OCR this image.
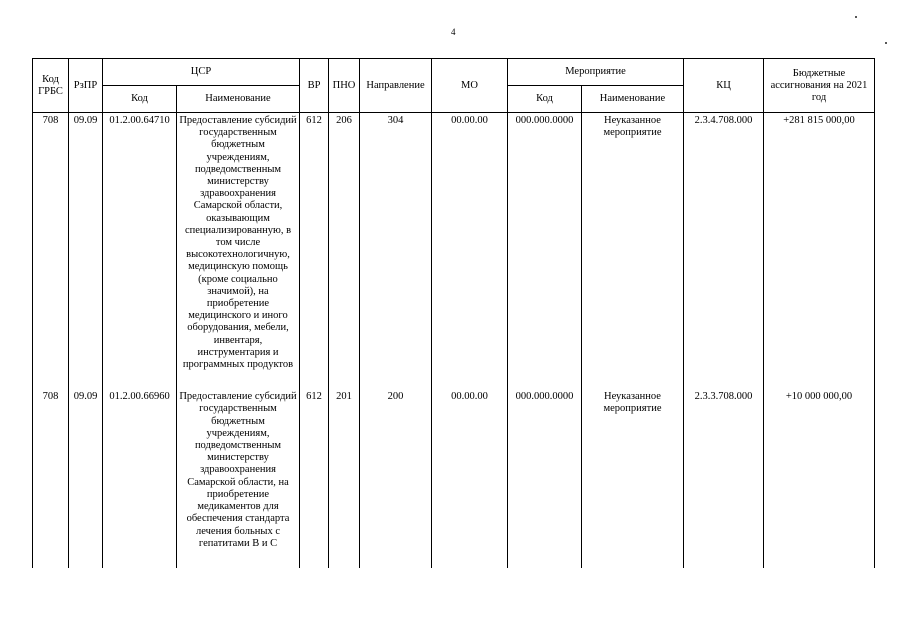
4
Код ГРБС	РзПР	ЦСР		ВР	ПНО	Направление	МО	Мероприятие		КЦ	Бюджетные ассигнования на 2021 год
		Код	Наименование					Код	Наименование		
708	09.09	01.2.00.64710	Предоставление субсидий государственным бюджетным учреждениям, подведомственным министерству здравоохранения Самарской области, оказывающим специализированную, в том числе высокотехнологичную, медицинскую помощь (кроме социально значимой), на приобретение медицинского и иного оборудования, мебели, инвентаря, инструментария и программных продуктов	612	206	304	00.00.00	000.000.0000	Неуказанное мероприятие	2.3.4.708.000	+281 815 000,00
708	09.09	01.2.00.66960	Предоставление субсидий государственным бюджетным учреждениям, подведомственным министерству здравоохранения Самарской области, на приобретение медикаментов для обеспечения стандарта лечения больных с гепатитами В и С	612	201	200	00.00.00	000.000.0000	Неуказанное мероприятие	2.3.3.708.000	+10 000 000,00
